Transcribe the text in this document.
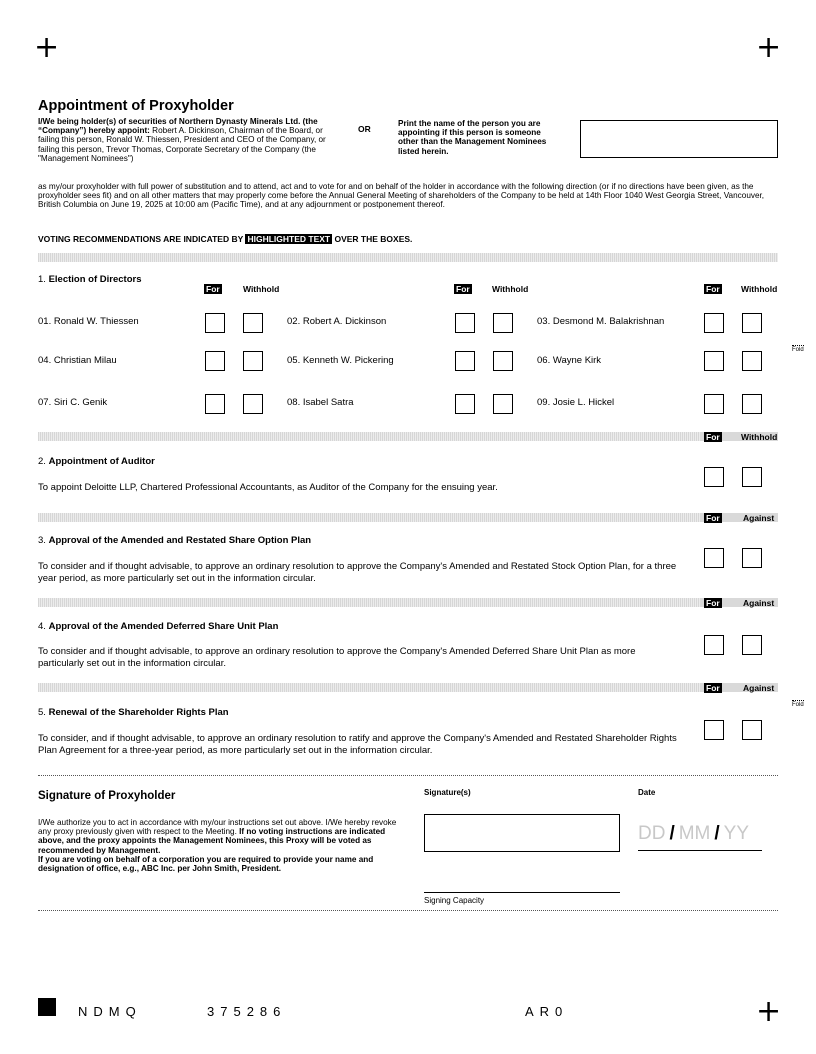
+	+
+
Appointment of Proxyholder
I/We being holder(s) of securities of Northern Dynasty Minerals Ltd. (the “Company”) hereby appoint: Robert A. Dickinson, Chairman of the Board, or failing this person, Ronald W. Thiessen, President and CEO of the Company, or failing this person, Trevor Thomas, Corporate Secretary of the Company (the "Management Nominees")
OR
Print the name of the person you are appointing if this person is someone other than the Management Nominees listed herein.
as my/our proxyholder with full power of substitution and to attend, act and to vote for and on behalf of the holder in accordance with the following direction (or if no directions have been given, as the proxyholder sees fit) and on all other matters that may properly come before the Annual General Meeting of shareholders of the Company to be held at 14th Floor 1040 West Georgia Street, Vancouver, British Columbia on June 19, 2025 at 10:00 am (Pacific Time), and at any adjournment or postponement thereof.
VOTING RECOMMENDATIONS ARE INDICATED BY HIGHLIGHTED TEXT OVER THE BOXES.
1. Election of Directors
For	Withhold	For	Withhold	For	Withhold
01. Ronald W. Thiessen	02. Robert A. Dickinson	03. Desmond M. Balakrishnan
04. Christian Milau	05. Kenneth W. Pickering	06. Wayne Kirk
07. Siri C. Genik	08. Isabel Satra	09. Josie L. Hickel
Fold
For	Withhold
2. Appointment of Auditor
To appoint Deloitte LLP, Chartered Professional Accountants, as Auditor of the Company for the ensuing year.
For	Against
3. Approval of the Amended and Restated Share Option Plan
To consider and if thought advisable, to approve an ordinary resolution to approve the Company's Amended and Restated Stock Option Plan, for a three year period, as more particularly set out in the information circular.
For	Against
4. Approval of the Amended Deferred Share Unit Plan
To consider and if thought advisable, to approve an ordinary resolution to approve the Company's Amended Deferred Share Unit Plan as more particularly set out in the information circular.
For	Against
5. Renewal of the Shareholder Rights Plan
To consider, and if thought advisable, to approve an ordinary resolution to ratify and approve the Company's Amended and Restated Shareholder Rights Plan Agreement for a three-year period, as more particularly set out in the information circular.
Fold
Signature of Proxyholder
I/We authorize you to act in accordance with my/our instructions set out above. I/We hereby revoke any proxy previously given with respect to the Meeting. If no voting instructions are indicated above, and the proxy appoints the Management Nominees, this Proxy will be voted as recommended by Management.
If you are voting on behalf of a corporation you are required to provide your name and designation of office, e.g., ABC Inc. per John Smith, President.
Signature(s)	Date
DD / MM / YY
Signing Capacity
NDMQ	375286	AR0
